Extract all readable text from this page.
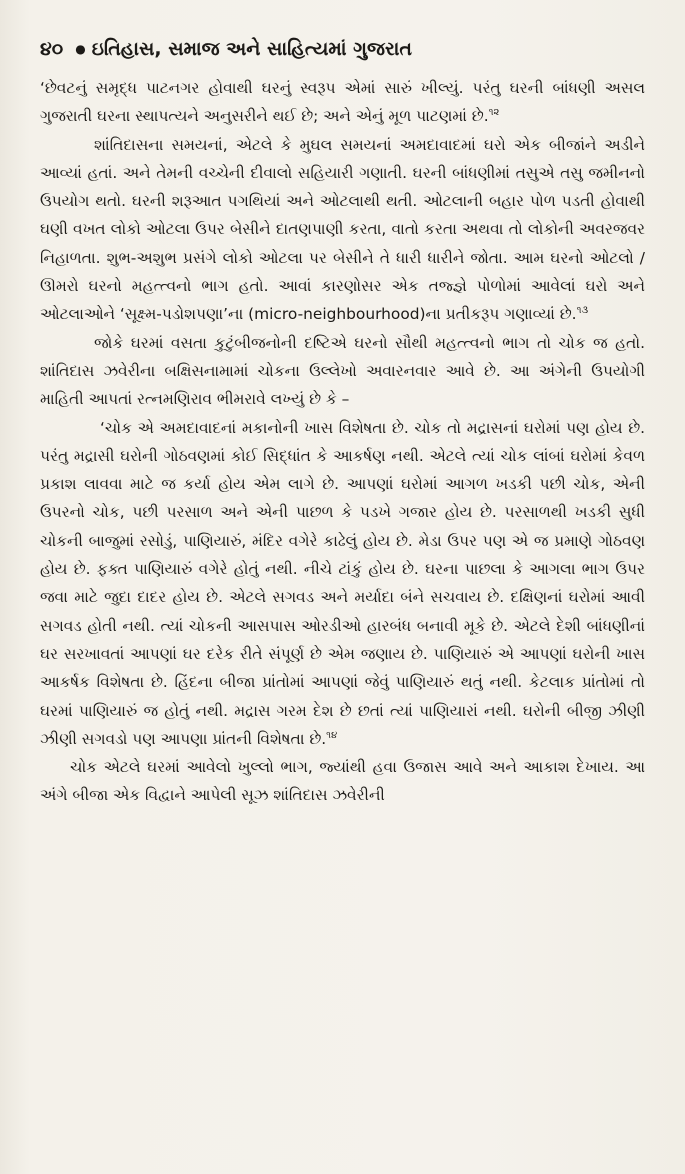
૪૦ ● ઇતિહાસ, સમાજ અને સાહિત્યમાં ગુજરાત

‘છેવટનું સમૃદ્ધ પાટનગર હોવાથી ઘરનું સ્વરૂપ એમાં સારું ખીલ્યું. પરંતુ ઘરની બાંધણી અસલ ગુજરાતી ઘરના સ્થાપત્યને અનુસરીને થઈ છે; અને એનું મૂળ પાટણમાં છે.$^{૧૨}$

શાંતિદાસના સમયનાં, એટલે કે મુઘલ સમયનાં અમદાવાદમાં ઘરો એક બીજાંને અડીને આવ્યાં હતાં. અને તેમની વચ્ચેની દીવાલો સહિયારી ગણાતી. ઘરની બાંધણીમાં તસુએ તસુ જમીનનો ઉપયોગ થતો. ઘરની શરૂઆત પગથિયાં અને ઓટલાથી થતી. ઓટલાની બહાર પોળ પડતી હોવાથી ઘણી વખત લોકો ઓટલા ઉપર બેસીને દાતણપાણી કરતા, વાતો કરતા અથવા તો લોકોની અવરજવર નિહાળતા. શુભ-અશુભ પ્રસંગે લોકો ઓટલા પર બેસીને તે ધારી ધારીને જોતા. આમ ઘરનો ઓટલો / ઊમરો ઘરનો મહત્ત્વનો ભાગ હતો. આવાં કારણોસર એક તજ્જ્ઞે પોળોમાં આવેલાં ઘરો અને ઓટલાઓને ‘સૂક્ષ્મ-પડોશપણા’ના (micro-neighbourhood)ના પ્રતીકરૂપ ગણાવ્યાં છે.$^{૧૩}$

જોકે ઘરમાં વસતા કુટુંબીજનોની દષ્ટિએ ઘરનો સૌથી મહત્ત્વનો ભાગ તો ચોક જ હતો. શાંતિદાસ ઝવેરીના બક્ષિસનામામાં ચોકના ઉલ્લેખો અવારનવાર આવે છે. આ અંગેની ઉપયોગી માહિતી આપતાં રત્નમણિરાવ ભીમરાવે લખ્યું છે કે –

‘ચોક એ અમદાવાદનાં મકાનોની ખાસ વિશેષતા છે. ચોક તો મદ્રાસનાં ઘરોમાં પણ હોય છે. પરંતુ મદ્રાસી ઘરોની ગોઠવણમાં કોઈ સિદ્ધાંત કે આકર્ષણ નથી. એટલે ત્યાં ચોક લાંબાં ઘરોમાં કેવળ પ્રકાશ લાવવા માટે જ કર્યા હોય એમ લાગે છે. આપણાં ઘરોમાં આગળ ખડકી પછી ચોક, એની ઉપરનો ચોક, પછી પરસાળ અને એની પાછળ કે પડખે ગજાર હોય છે. પરસાળથી ખડકી સુધી ચોકની બાજુમાં રસોડું, પાણિયારું, મંદિર વગેરે કાઢેલું હોય છે. મેડા ઉપર પણ એ જ પ્રમાણે ગોઠવણ હોય છે. ફક્ત પાણિયારું વગેરે હોતું નથી. નીચે ટાંકું હોય છે. ઘરના પાછલા કે આગલા ભાગ ઉપર જવા માટે જુદા દાદર હોય છે. એટલે સગવડ અને મર્યાદા બંને સચવાય છે. દક્ષિણનાં ઘરોમાં આવી સગવડ હોતી નથી. ત્યાં ચોકની આસપાસ ઓરડીઓ હારબંધ બનાવી મૂકે છે. એટલે દેશી બાંધણીનાં ઘર સરખાવતાં આપણાં ઘર દરેક રીતે સંપૂર્ણ છે એમ જણાય છે. પાણિયારું એ આપણાં ઘરોની ખાસ આકર્ષક વિશેષતા છે. હિંદના બીજા પ્રાંતોમાં આપણાં જેવું પાણિયારું થતું નથી. કેટલાક પ્રાંતોમાં તો ઘરમાં પાણિયારું જ હોતું નથી. મદ્રાસ ગરમ દેશ છે છતાં ત્યાં પાણિયારાં નથી. ઘરોની બીજી ઝીણી ઝીણી સગવડો પણ આપણા પ્રાંતની વિશેષતા છે.$^{૧૪}$

ચોક એટલે ઘરમાં આવેલો ખુલ્લો ભાગ, જ્યાંથી હવા ઉજાસ આવે અને આકાશ દેખાય. આ અંગે બીજા એક વિદ્વાને આપેલી સૂઝ શાંતિદાસ ઝવેરીની
